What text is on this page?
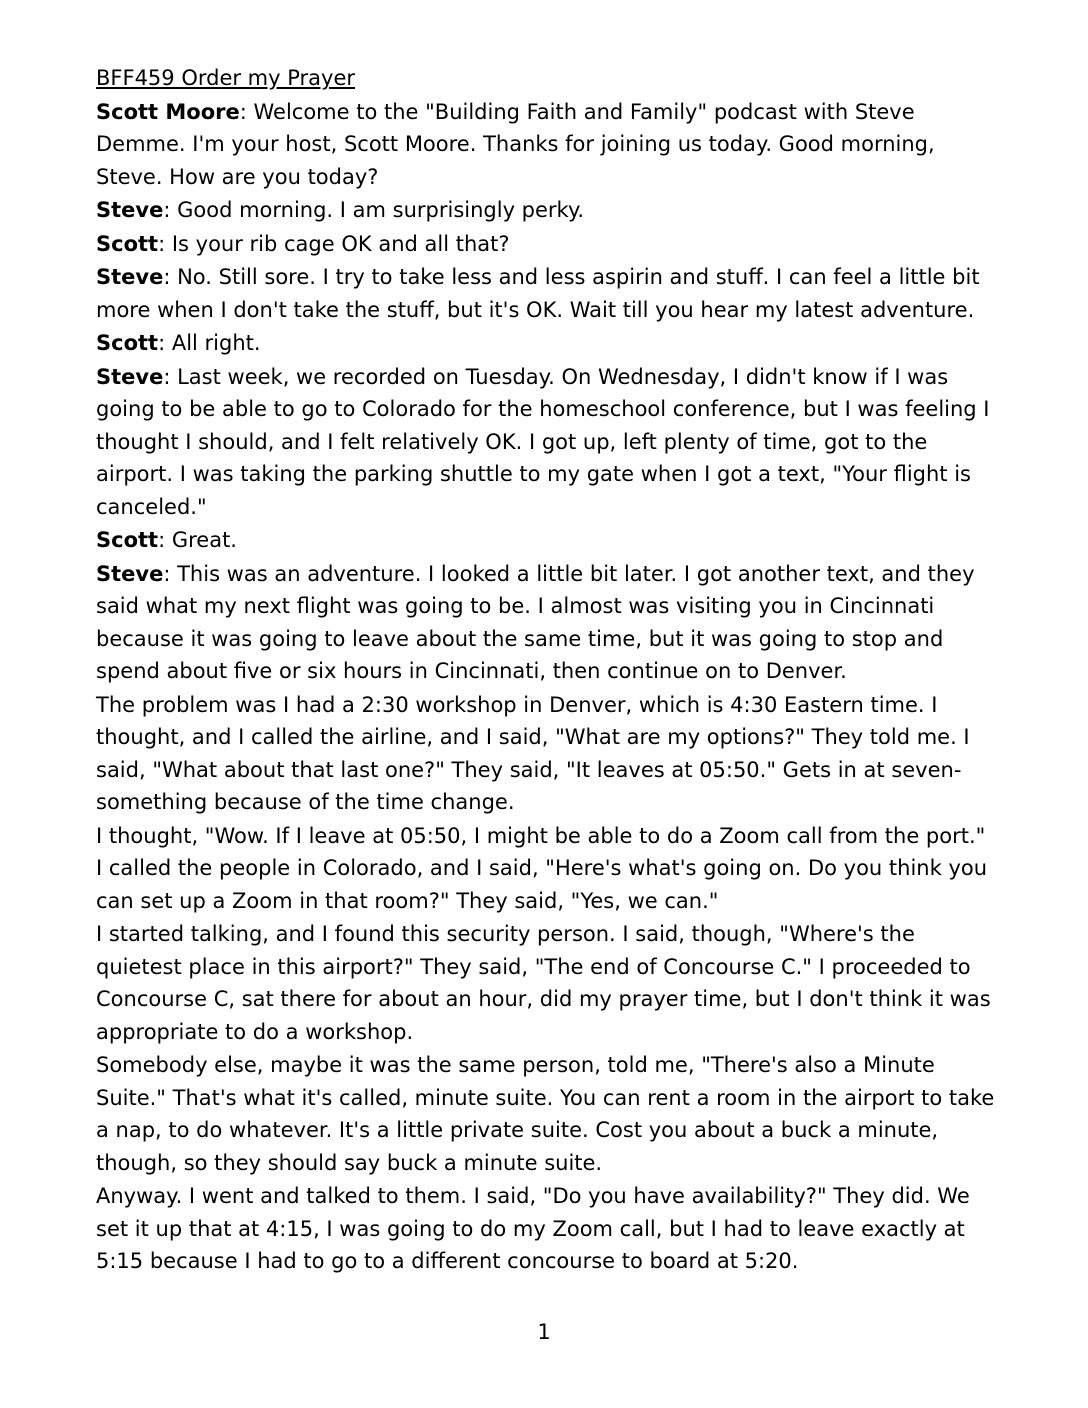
BFF459 Order my Prayer

Scott Moore: Welcome to the "Building Faith and Family" podcast with Steve Demme. I'm your host, Scott Moore. Thanks for joining us today. Good morning, Steve. How are you today?

Steve: Good morning. I am surprisingly perky.

Scott: Is your rib cage OK and all that?

Steve: No. Still sore. I try to take less and less aspirin and stuff. I can feel a little bit more when I don't take the stuff, but it's OK. Wait till you hear my latest adventure.

Scott: All right.

Steve: Last week, we recorded on Tuesday. On Wednesday, I didn't know if I was going to be able to go to Colorado for the homeschool conference, but I was feeling I thought I should, and I felt relatively OK. I got up, left plenty of time, got to the airport. I was taking the parking shuttle to my gate when I got a text, "Your flight is canceled."

Scott: Great.

Steve: This was an adventure. I looked a little bit later. I got another text, and they said what my next flight was going to be. I almost was visiting you in Cincinnati because it was going to leave about the same time, but it was going to stop and spend about five or six hours in Cincinnati, then continue on to Denver.

The problem was I had a 2:30 workshop in Denver, which is 4:30 Eastern time. I thought, and I called the airline, and I said, "What are my options?" They told me. I said, "What about that last one?" They said, "It leaves at 05:50." Gets in at seven-something because of the time change.

I thought, "Wow. If I leave at 05:50, I might be able to do a Zoom call from the port." I called the people in Colorado, and I said, "Here's what's going on. Do you think you can set up a Zoom in that room?" They said, "Yes, we can."

I started talking, and I found this security person. I said, though, "Where's the quietest place in this airport?" They said, "The end of Concourse C." I proceeded to Concourse C, sat there for about an hour, did my prayer time, but I don't think it was appropriate to do a workshop.

Somebody else, maybe it was the same person, told me, "There's also a Minute Suite." That's what it's called, minute suite. You can rent a room in the airport to take a nap, to do whatever. It's a little private suite. Cost you about a buck a minute, though, so they should say buck a minute suite.

Anyway. I went and talked to them. I said, "Do you have availability?" They did. We set it up that at 4:15, I was going to do my Zoom call, but I had to leave exactly at 5:15 because I had to go to a different concourse to board at 5:20.

1
